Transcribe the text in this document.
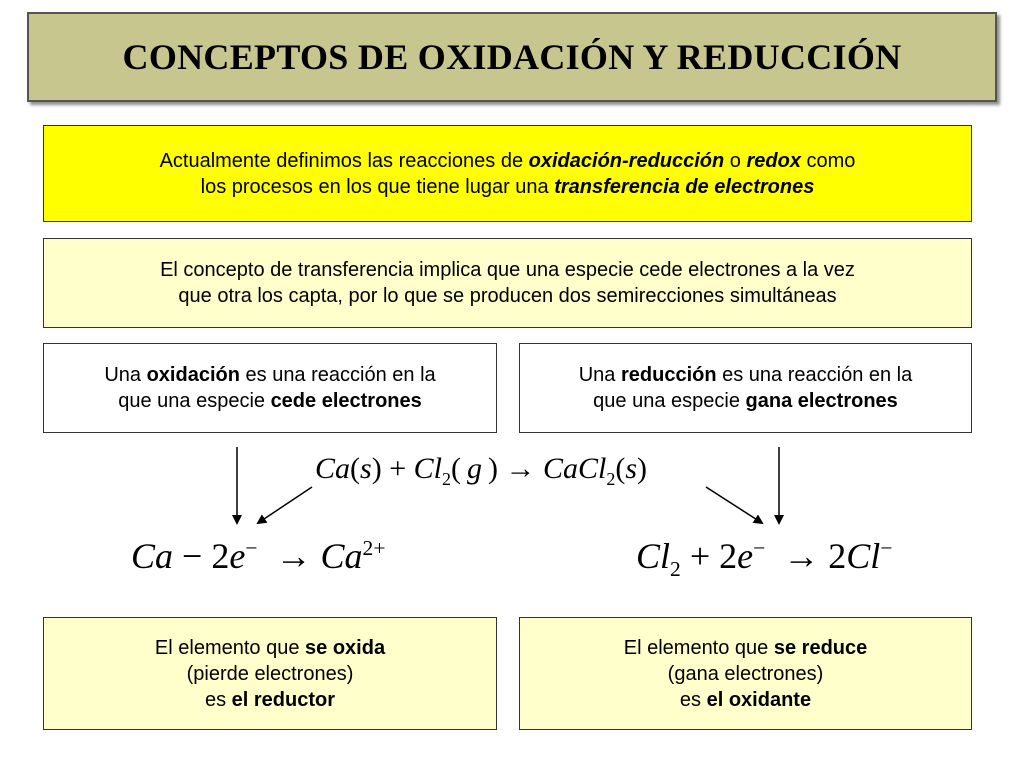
CONCEPTOS DE OXIDACIÓN Y REDUCCIÓN
Actualmente definimos las reacciones de oxidación-reducción o redox como
los procesos en los que tiene lugar una transferencia de electrones
El concepto de transferencia implica que una especie cede electrones a la vez
que otra los capta, por lo que se producen dos semirecciones simultáneas
Una oxidación es una reacción en la
que una especie cede electrones
Una reducción es una reacción en la
que una especie gana electrones
$Ca(s) + Cl_2$( g ) → CaCl$_2$(s)
$Ca - 2e^- \to Ca^{2+}$	$Cl_2 + 2e^- \to 2Cl^-$
El elemento que se oxida
(pierde electrones)
es el reductor
El elemento que se reduce
(gana electrones)
es el oxidante
